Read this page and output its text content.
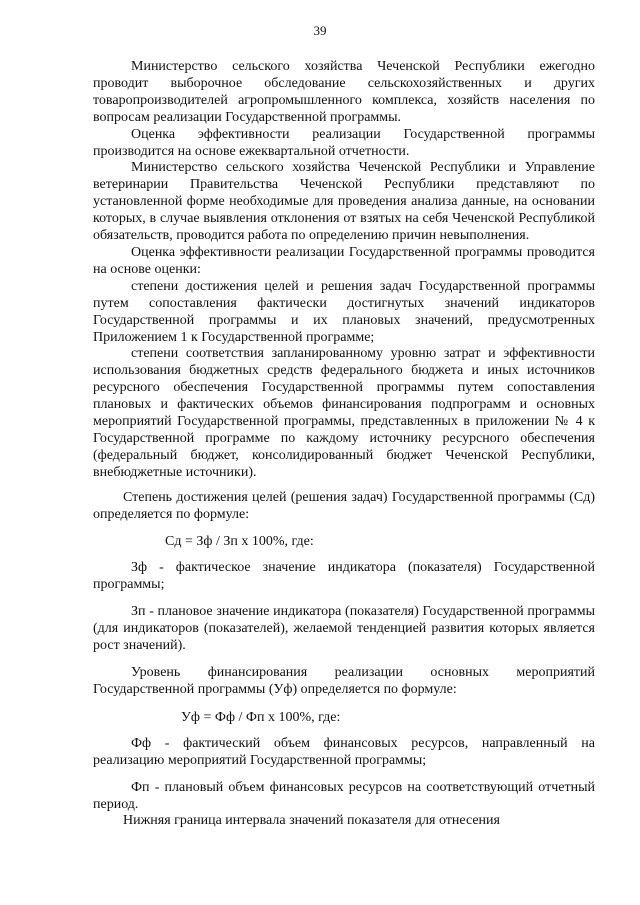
39

Министерство сельского хозяйства Чеченской Республики ежегодно проводит выборочное обследование сельскохозяйственных и других товаропроизводителей агропромышленного комплекса, хозяйств населения по вопросам реализации Государственной программы.

Оценка эффективности реализации Государственной программы производится на основе ежеквартальной отчетности.

Министерство сельского хозяйства Чеченской Республики и Управление ветеринарии Правительства Чеченской Республики представляют по установленной форме необходимые для проведения анализа данные, на основании которых, в случае выявления отклонения от взятых на себя Чеченской Республикой обязательств, проводится работа по определению причин невыполнения.

Оценка эффективности реализации Государственной программы проводится на основе оценки:

степени достижения целей и решения задач Государственной программы путем сопоставления фактически достигнутых значений индикаторов Государственной программы и их плановых значений, предусмотренных Приложением 1 к Государственной программе;

степени соответствия запланированному уровню затрат и эффективности использования бюджетных средств федерального бюджета и иных источников ресурсного обеспечения Государственной программы путем сопоставления плановых и фактических объемов финансирования подпрограмм и основных мероприятий Государственной программы, представленных в приложении № 4 к Государственной программе по каждому источнику ресурсного обеспечения (федеральный бюджет, консолидированный бюджет Чеченской Республики, внебюджетные источники).

Степень достижения целей (решения задач) Государственной программы (Сд) определяется по формуле:

Сд = Зф / Зп х 100%, где:

Зф - фактическое значение индикатора (показателя) Государственной программы;

Зп - плановое значение индикатора (показателя) Государственной программы (для индикаторов (показателей), желаемой тенденцией развития которых является рост значений).

Уровень финансирования реализации основных мероприятий Государственной программы (Уф) определяется по формуле:

Уф = Фф / Фп х 100%, где:

Фф - фактический объем финансовых ресурсов, направленный на реализацию мероприятий Государственной программы;

Фп - плановый объем финансовых ресурсов на соответствующий отчетный период.

Нижняя граница интервала значений показателя для отнесения
